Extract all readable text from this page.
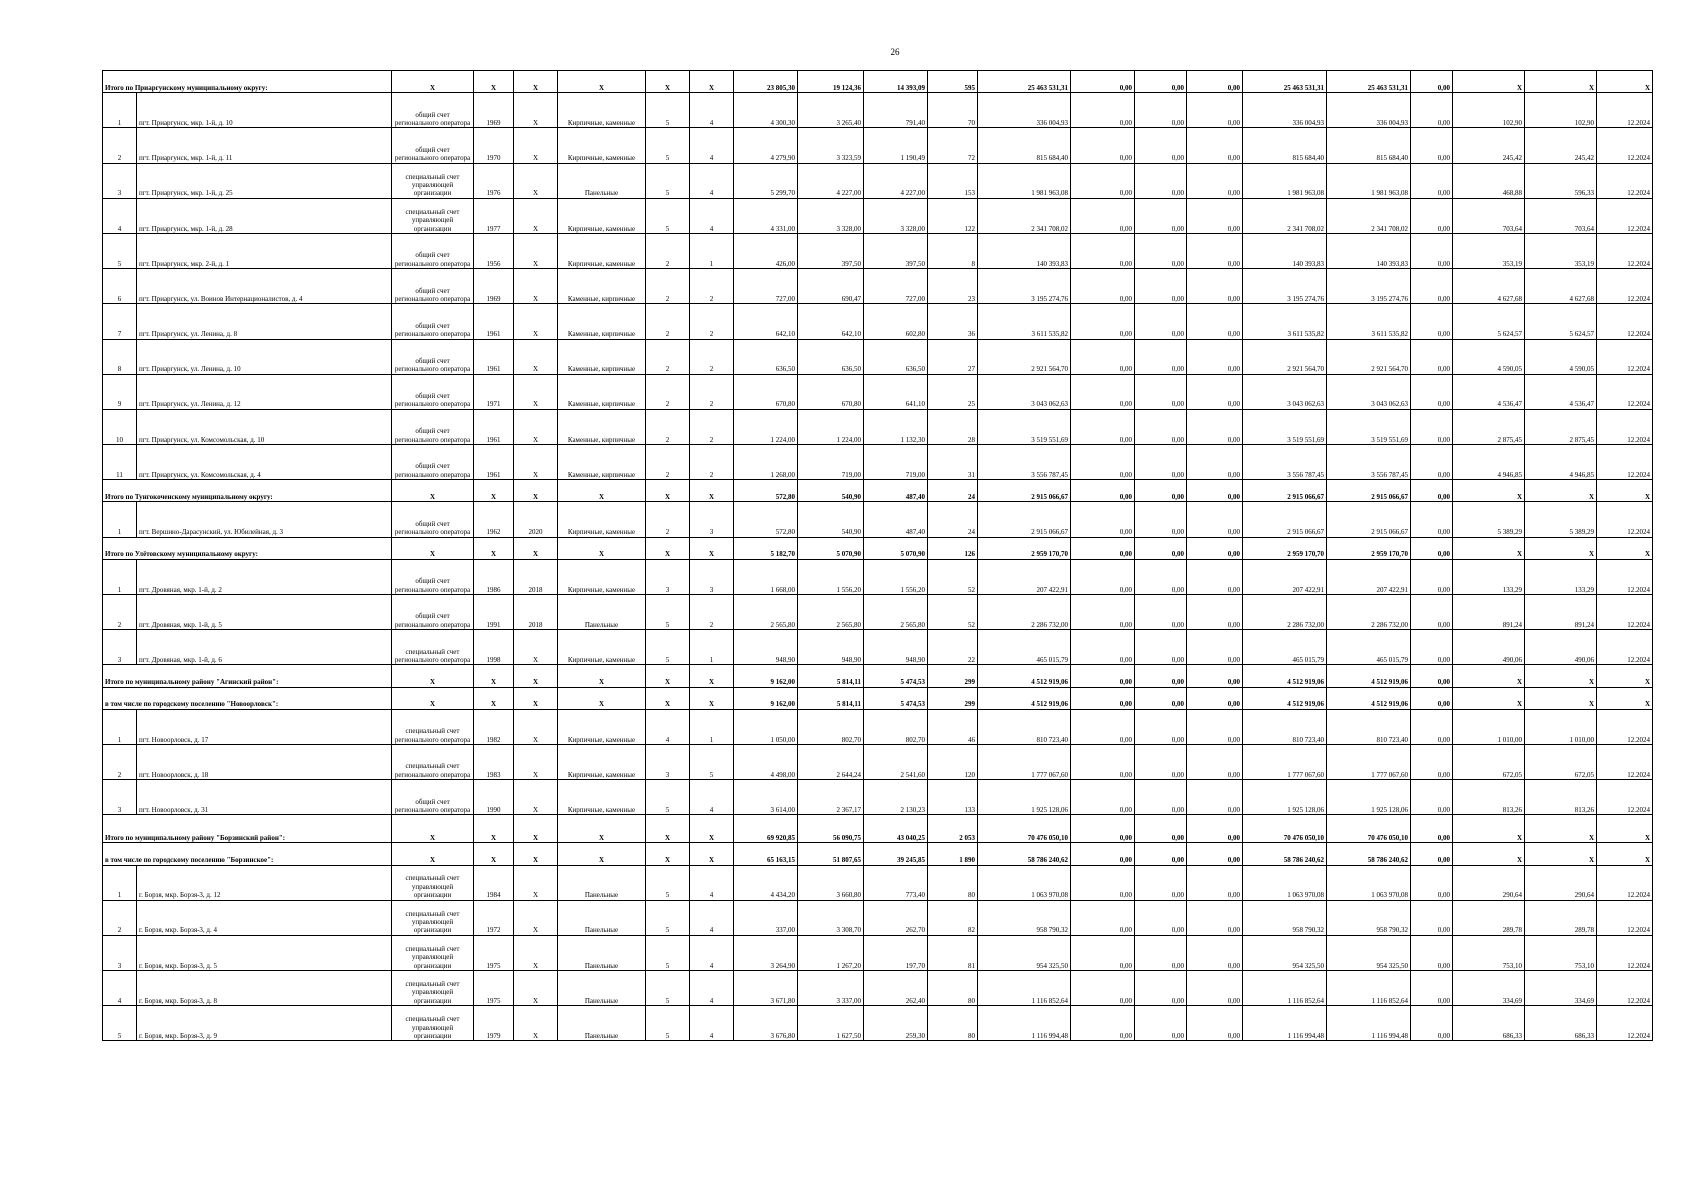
26
Итого по Приаргунскому муниципальному округу:		X	X	X	X	X	X	23 805,30	19 124,36	14 393,09	595	25 463 531,31	0,00	0,00	0,00	25 463 531,31	25 463 531,31	0,00	X	X	X
1	пгт. Приаргунск, мкр. 1-й, д. 10	общий счет регионального оператора	1969	X	Кирпичные, каменные	5	4	4 300,30	3 265,40	791,40	70	336 004,93	0,00	0,00	0,00	336 004,93	336 004,93	0,00	102,90	102,90	12.2024
2	пгт. Приаргунск, мкр. 1-й, д. 11	общий счет регионального оператора	1970	X	Кирпичные, каменные	5	4	4 279,90	3 323,59	1 190,49	72	815 684,40	0,00	0,00	0,00	815 684,40	815 684,40	0,00	245,42	245,42	12.2024
3	пгт. Приаргунск, мкр. 1-й, д. 25	специальный счет управляющей организации	1976	X	Панельные	5	4	5 299,70	4 227,00	4 227,00	153	1 981 963,08	0,00	0,00	0,00	1 981 963,08	1 981 963,08	0,00	468,88	596,33	12.2024
4	пгт. Приаргунск, мкр. 1-й, д. 28	специальный счет управляющей организации	1977	X	Кирпичные, каменные	5	4	4 331,00	3 328,00	3 328,00	122	2 341 708,02	0,00	0,00	0,00	2 341 708,02	2 341 708,02	0,00	703,64	703,64	12.2024
5	пгт. Приаргунск, мкр. 2-й, д. 1	общий счет регионального оператора	1956	X	Кирпичные, каменные	2	1	426,00	397,50	397,50	8	140 393,83	0,00	0,00	0,00	140 393,83	140 393,83	0,00	353,19	353,19	12.2024
6	пгт. Приаргунск, ул. Воинов Интернационалистов, д. 4	общий счет регионального оператора	1969	X	Каменные, кирпичные	2	2	727,00	690,47	727,00	23	3 195 274,76	0,00	0,00	0,00	3 195 274,76	3 195 274,76	0,00	4 627,68	4 627,68	12.2024
7	пгт. Приаргунск, ул. Ленина, д. 8	общий счет регионального оператора	1961	X	Каменные, кирпичные	2	2	642,10	642,10	602,80	36	3 611 535,82	0,00	0,00	0,00	3 611 535,82	3 611 535,82	0,00	5 624,57	5 624,57	12.2024
8	пгт. Приаргунск, ул. Ленина, д. 10	общий счет регионального оператора	1961	X	Каменные, кирпичные	2	2	636,50	636,50	636,50	27	2 921 564,70	0,00	0,00	0,00	2 921 564,70	2 921 564,70	0,00	4 590,05	4 590,05	12.2024
9	пгт. Приаргунск, ул. Ленина, д. 12	общий счет регионального оператора	1971	X	Каменные, кирпичные	2	2	670,80	670,80	641,10	25	3 043 062,63	0,00	0,00	0,00	3 043 062,63	3 043 062,63	0,00	4 536,47	4 536,47	12.2024
10	пгт. Приаргунск, ул. Комсомольская, д. 10	общий счет регионального оператора	1961	X	Каменные, кирпичные	2	2	1 224,00	1 224,00	1 132,30	28	3 519 551,69	0,00	0,00	0,00	3 519 551,69	3 519 551,69	0,00	2 875,45	2 875,45	12.2024
11	пгт. Приаргунск, ул. Комсомольская, д. 4	общий счет регионального оператора	1961	X	Каменные, кирпичные	2	2	1 268,00	719,00	719,00	31	3 556 787,45	0,00	0,00	0,00	3 556 787,45	3 556 787,45	0,00	4 946,85	4 946,85	12.2024
Итого по Тунгокоченскому муниципальному округу:		X	X	X	X	X	X	572,80	540,90	487,40	24	2 915 066,67	0,00	0,00	0,00	2 915 066,67	2 915 066,67	0,00	X	X	X
1	пгт. Вершино-Дарасунский, ул. Юбилейная, д. 3	общий счет регионального оператора	1962	2020	Кирпичные, каменные	2	3	572,80	540,90	487,40	24	2 915 066,67	0,00	0,00	0,00	2 915 066,67	2 915 066,67	0,00	5 389,29	5 389,29	12.2024
Итого по Улётовскому муниципальному округу:		X	X	X	X	X	X	5 182,70	5 070,90	5 070,90	126	2 959 170,70	0,00	0,00	0,00	2 959 170,70	2 959 170,70	0,00	X	X	X
1	пгт. Дровяная, мкр. 1-й, д. 2	общий счет регионального оператора	1986	2018	Кирпичные, каменные	3	3	1 668,00	1 556,20	1 556,20	52	207 422,91	0,00	0,00	0,00	207 422,91	207 422,91	0,00	133,29	133,29	12.2024
2	пгт. Дровяная, мкр. 1-й, д. 5	общий счет регионального оператора	1991	2018	Панельные	5	2	2 565,80	2 565,80	2 565,80	52	2 286 732,00	0,00	0,00	0,00	2 286 732,00	2 286 732,00	0,00	891,24	891,24	12.2024
3	пгт. Дровяная, мкр. 1-й, д. 6	специальный счет регионального оператора	1998	X	Кирпичные, каменные	5	1	948,90	948,90	948,90	22	465 015,79	0,00	0,00	0,00	465 015,79	465 015,79	0,00	490,06	490,06	12.2024
Итого по муниципальному району "Агинский район":		X	X	X	X	X	X	9 162,00	5 814,11	5 474,53	299	4 512 919,06	0,00	0,00	0,00	4 512 919,06	4 512 919,06	0,00	X	X	X
в том числе по городскому поселению "Новоорловск":		X	X	X	X	X	X	9 162,00	5 814,11	5 474,53	299	4 512 919,06	0,00	0,00	0,00	4 512 919,06	4 512 919,06	0,00	X	X	X
1	пгт. Новоорловск, д. 17	специальный счет регионального оператора	1982	X	Кирпичные, каменные	4	1	1 050,00	802,70	802,70	46	810 723,40	0,00	0,00	0,00	810 723,40	810 723,40	0,00	1 010,00	1 010,00	12.2024
2	пгт. Новоорловск, д. 18	специальный счет регионального оператора	1983	X	Кирпичные, каменные	3	5	4 498,00	2 644,24	2 541,60	120	1 777 067,60	0,00	0,00	0,00	1 777 067,60	1 777 067,60	0,00	672,05	672,05	12.2024
3	пгт. Новоорловск, д. 31	общий счет регионального оператора	1990	X	Кирпичные, каменные	5	4	3 614,00	2 367,17	2 130,23	133	1 925 128,06	0,00	0,00	0,00	1 925 128,06	1 925 128,06	0,00	813,26	813,26	12.2024
Итого по муниципальному району "Борзинский район":		X	X	X	X	X	X	69 920,85	56 090,75	43 040,25	2 053	70 476 050,10	0,00	0,00	0,00	70 476 050,10	70 476 050,10	0,00	X	X	X
в том числе по городскому поселению "Борзинское":		X	X	X	X	X	X	65 163,15	51 807,65	39 245,85	1 890	58 786 240,62	0,00	0,00	0,00	58 786 240,62	58 786 240,62	0,00	X	X	X
1	г. Борзя, мкр. Борзя-3, д. 12	специальный счет управляющей организации	1984	X	Панельные	5	4	4 434,20	3 660,80	773,40	80	1 063 970,08	0,00	0,00	0,00	1 063 970,08	1 063 970,08	0,00	290,64	290,64	12.2024
2	г. Борзя, мкр. Борзя-3, д. 4	специальный счет управляющей организации	1972	X	Панельные	5	4	337,00	3 308,70	262,70	82	958 790,32	0,00	0,00	0,00	958 790,32	958 790,32	0,00	289,78	289,78	12.2024
3	г. Борзя, мкр. Борзя-3, д. 5	специальный счет управляющей организации	1975	X	Панельные	5	4	3 264,90	1 267,20	197,70	81	954 325,50	0,00	0,00	0,00	954 325,50	954 325,50	0,00	753,10	753,10	12.2024
4	г. Борзя, мкр. Борзя-3, д. 8	специальный счет управляющей организации	1975	X	Панельные	5	4	3 671,80	3 337,00	262,40	80	1 116 852,64	0,00	0,00	0,00	1 116 852,64	1 116 852,64	0,00	334,69	334,69	12.2024
5	г. Борзя, мкр. Борзя-3, д. 9	специальный счет управляющей организации	1979	X	Панельные	5	4	3 676,80	1 627,50	259,30	80	1 116 994,48	0,00	0,00	0,00	1 116 994,48	1 116 994,48	0,00	686,33	686,33	12.2024
